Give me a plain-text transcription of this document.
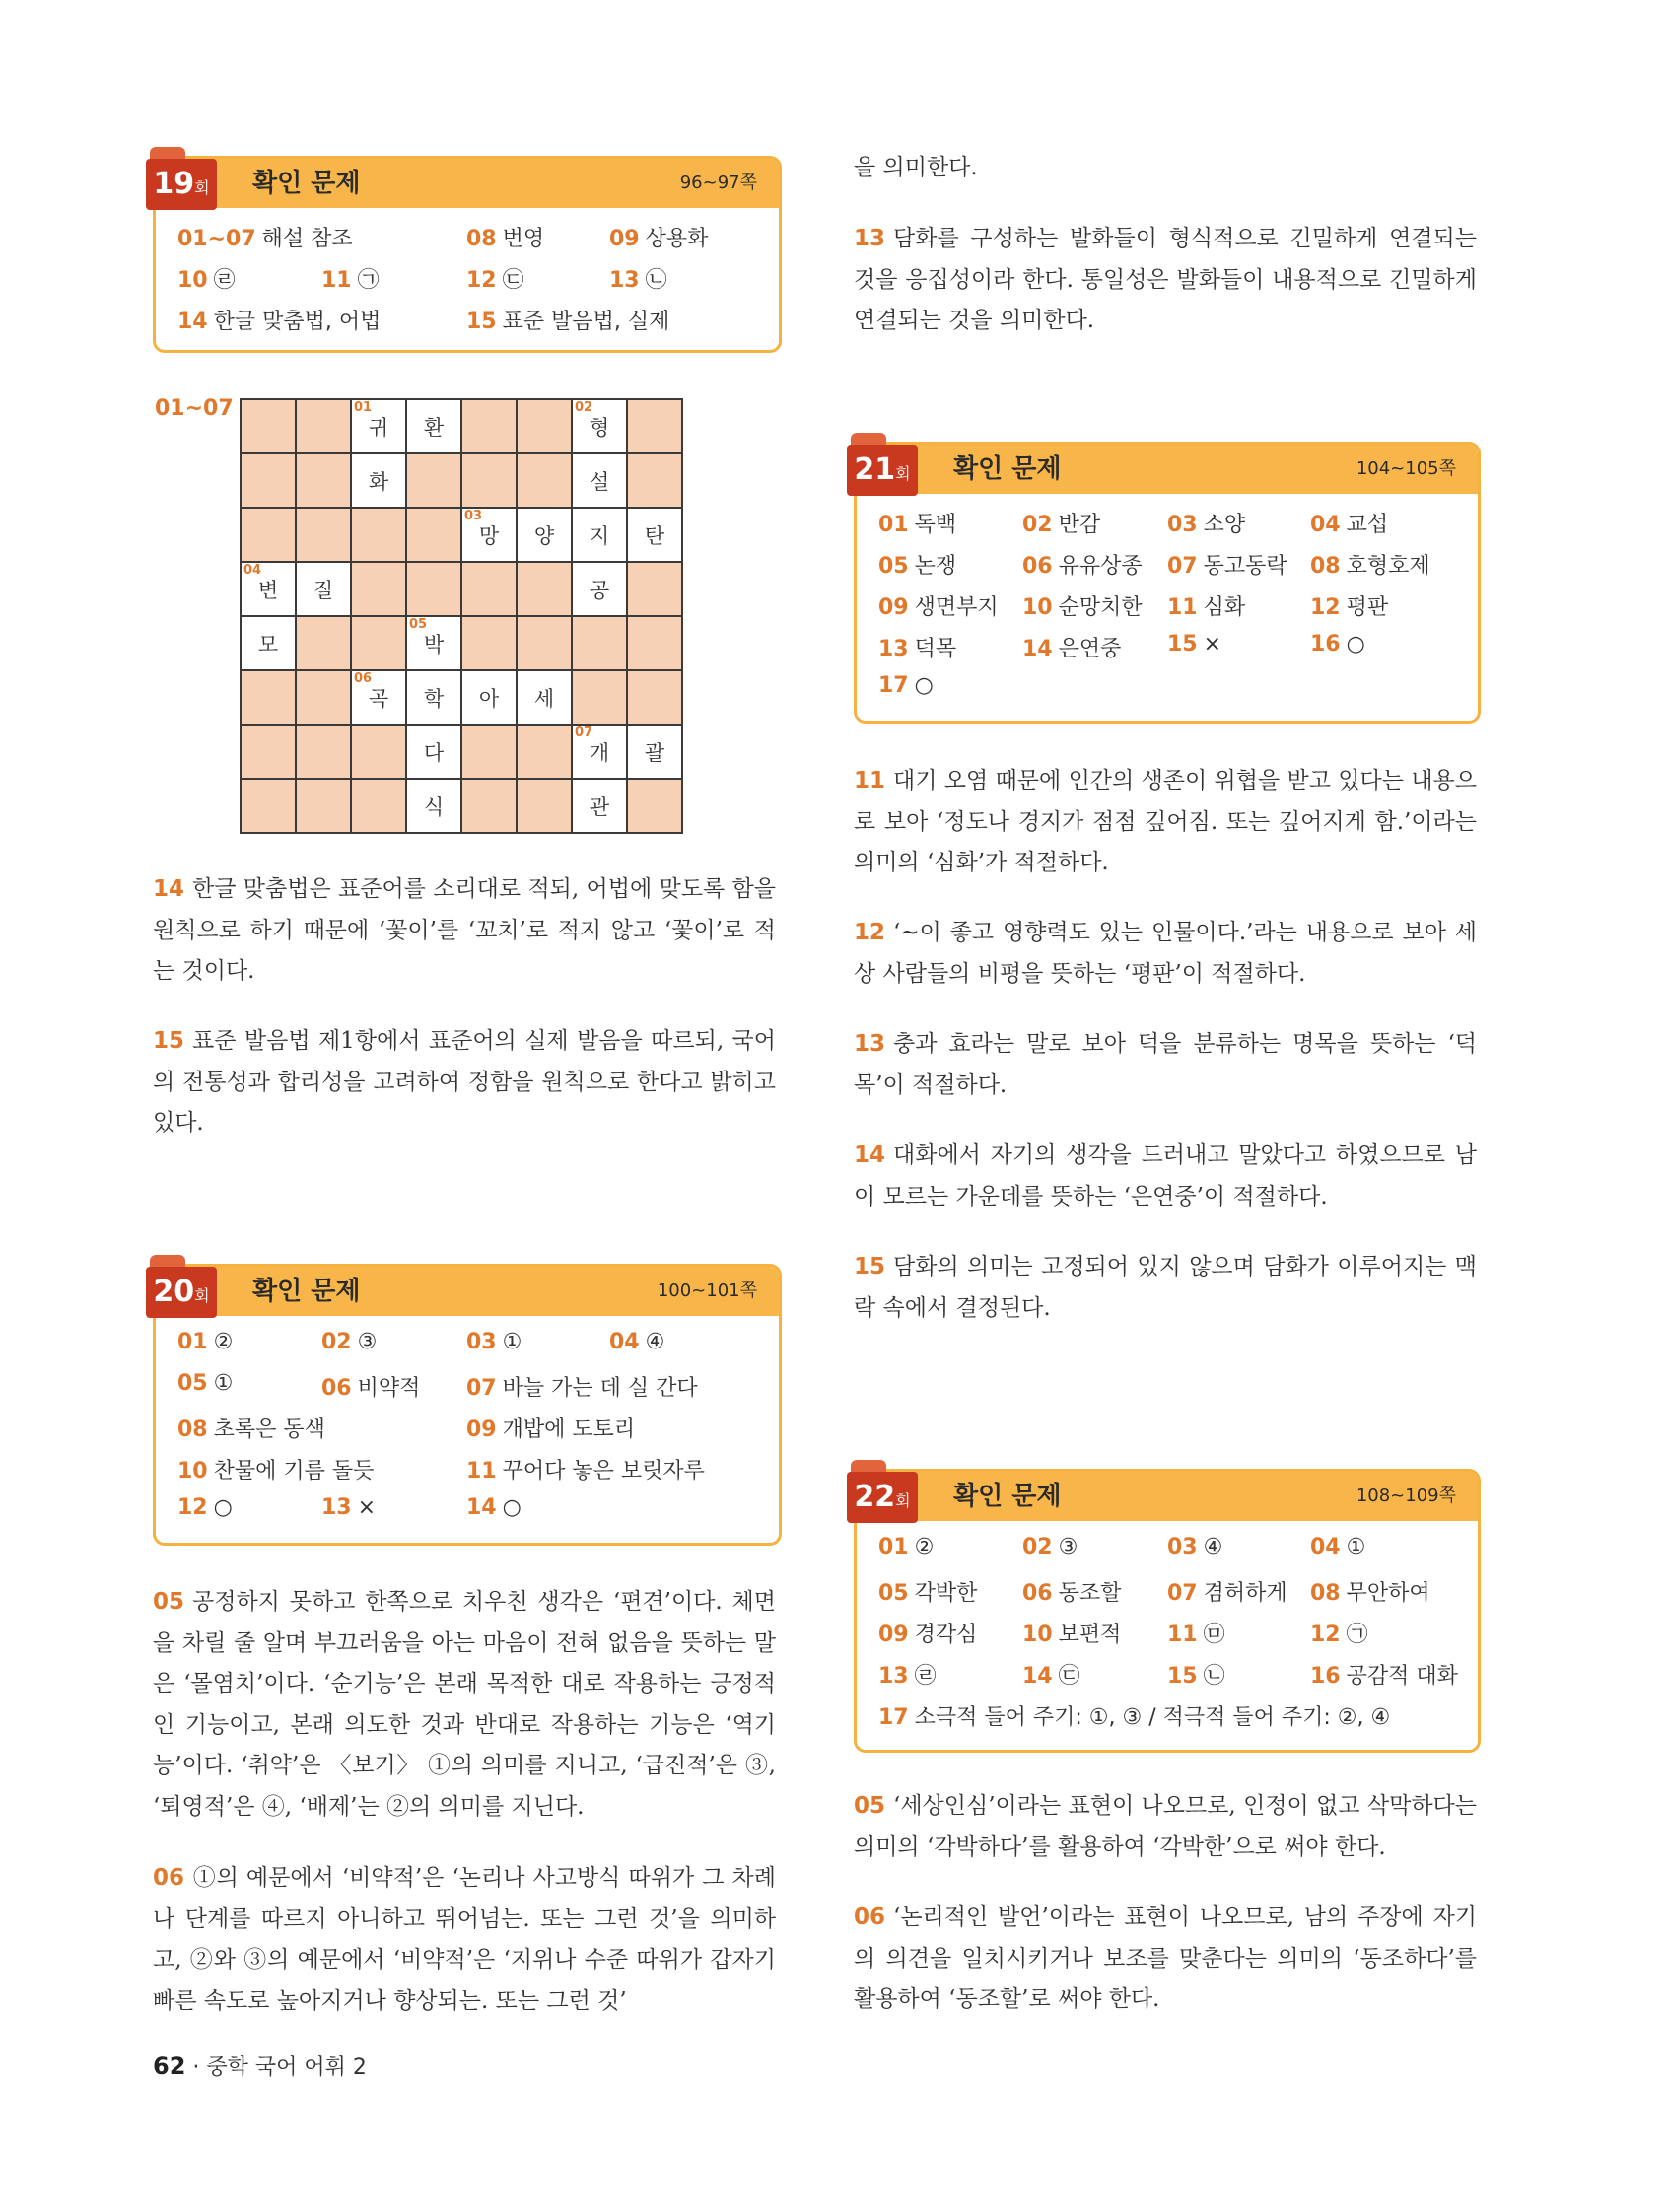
19회 확인 문제	96~97쪽
01~07 해설 참조	08 번영	09 상용화
10 ㉣	11 ㉠	12 ㉢	13 ㉡
14 한글 맞춤법, 어법	15 표준 발음법, 실제
01~07

		01
귀	환			02
형	
		화				설	

				03
망	양	지	탄

04
변	질					공	
모			05
박				

		06
곡	학	아	세		
			다			07
개	괄
			식			관	
14 한글 맞춤법은 표준어를 소리대로 적되, 어법에 맞도록 함을 원칙으로 하기 때문에 ‘꽃이’를 ‘꼬치’로 적지 않고 ‘꽃이’로 적는 것이다.
15 표준 발음법 제1항에서 표준어의 실제 발음을 따르되, 국어의 전통성과 합리성을 고려하여 정함을 원칙으로 한다고 밝히고 있다.
20회 확인 문제	100~101쪽
01 ②	02 ③	03 ①	04 ④
05 ①	06 비약적 07 바늘 가는 데 실 간다
08 초록은 동색	09 개밥에 도토리
10 찬물에 기름 돌듯	11 꾸어다 놓은 보릿자루
12 ○	13 ×	14 ○
05 공정하지 못하고 한쪽으로 치우친 생각은 ‘편견’이다. 체면을 차릴 줄 알며 부끄러움을 아는 마음이 전혀 없음을 뜻하는 말은 ‘몰염치’이다. ‘순기능’은 본래 목적한 대로 작용하는 긍정적인 기능이고, 본래 의도한 것과 반대로 작용하는 기능은 ‘역기능’이다. ‘취약’은 〈보기〉 ①의 의미를 지니고, ‘급진적’은 ③, ‘퇴영적’은 ④, ‘배제’는 ②의 의미를 지닌다.
06 ①의 예문에서 ‘비약적’은 ‘논리나 사고방식 따위가 그 차례나 단계를 따르지 아니하고 뛰어넘는. 또는 그런 것’을 의미하고, ②와 ③의 예문에서 ‘비약적’은 ‘지위나 수준 따위가 갑자기 빠른 속도로 높아지거나 향상되는. 또는 그런 것’
을 의미한다.
13 담화를 구성하는 발화들이 형식적으로 긴밀하게 연결되는 것을 응집성이라 한다. 통일성은 발화들이 내용적으로 긴밀하게 연결되는 것을 의미한다.
21회 확인 문제	104~105쪽
01 독백	02 반감	03 소양	04 교섭
05 논쟁	06 유유상종 07 동고동락 08 호형호제
09 생면부지 10 순망치한 11 심화	12 평판
13 덕목	14 은연중 15 ×	16 ○
17 ○
11 대기 오염 때문에 인간의 생존이 위협을 받고 있다는 내용으로 보아 ‘정도나 경지가 점점 깊어짐. 또는 깊어지게 함.’이라는 의미의 ‘심화’가 적절하다.
12 ‘~이 좋고 영향력도 있는 인물이다.’라는 내용으로 보아 세상 사람들의 비평을 뜻하는 ‘평판’이 적절하다.
13 충과 효라는 말로 보아 덕을 분류하는 명목을 뜻하는 ‘덕목’이 적절하다.
14 대화에서 자기의 생각을 드러내고 말았다고 하였으므로 남이 모르는 가운데를 뜻하는 ‘은연중’이 적절하다.
15 담화의 의미는 고정되어 있지 않으며 담화가 이루어지는 맥락 속에서 결정된다.
22회 확인 문제	108~109쪽
01 ②	02 ③	03 ④	04 ①
05 각박한 06 동조할 07 겸허하게 08 무안하여
09 경각심 10 보편적 11 ㉤	12 ㉠
13 ㉣	14 ㉢	15 ㉡	16 공감적 대화
17 소극적 들어 주기: ①, ③ / 적극적 들어 주기: ②, ④
05 ‘세상인심’이라는 표현이 나오므로, 인정이 없고 삭막하다는 의미의 ‘각박하다’를 활용하여 ‘각박한’으로 써야 한다.
06 ‘논리적인 발언’이라는 표현이 나오므로, 남의 주장에 자기의 의견을 일치시키거나 보조를 맞춘다는 의미의 ‘동조하다’를 활용하여 ‘동조할’로 써야 한다.
62 · 중학 국어 어휘 2
